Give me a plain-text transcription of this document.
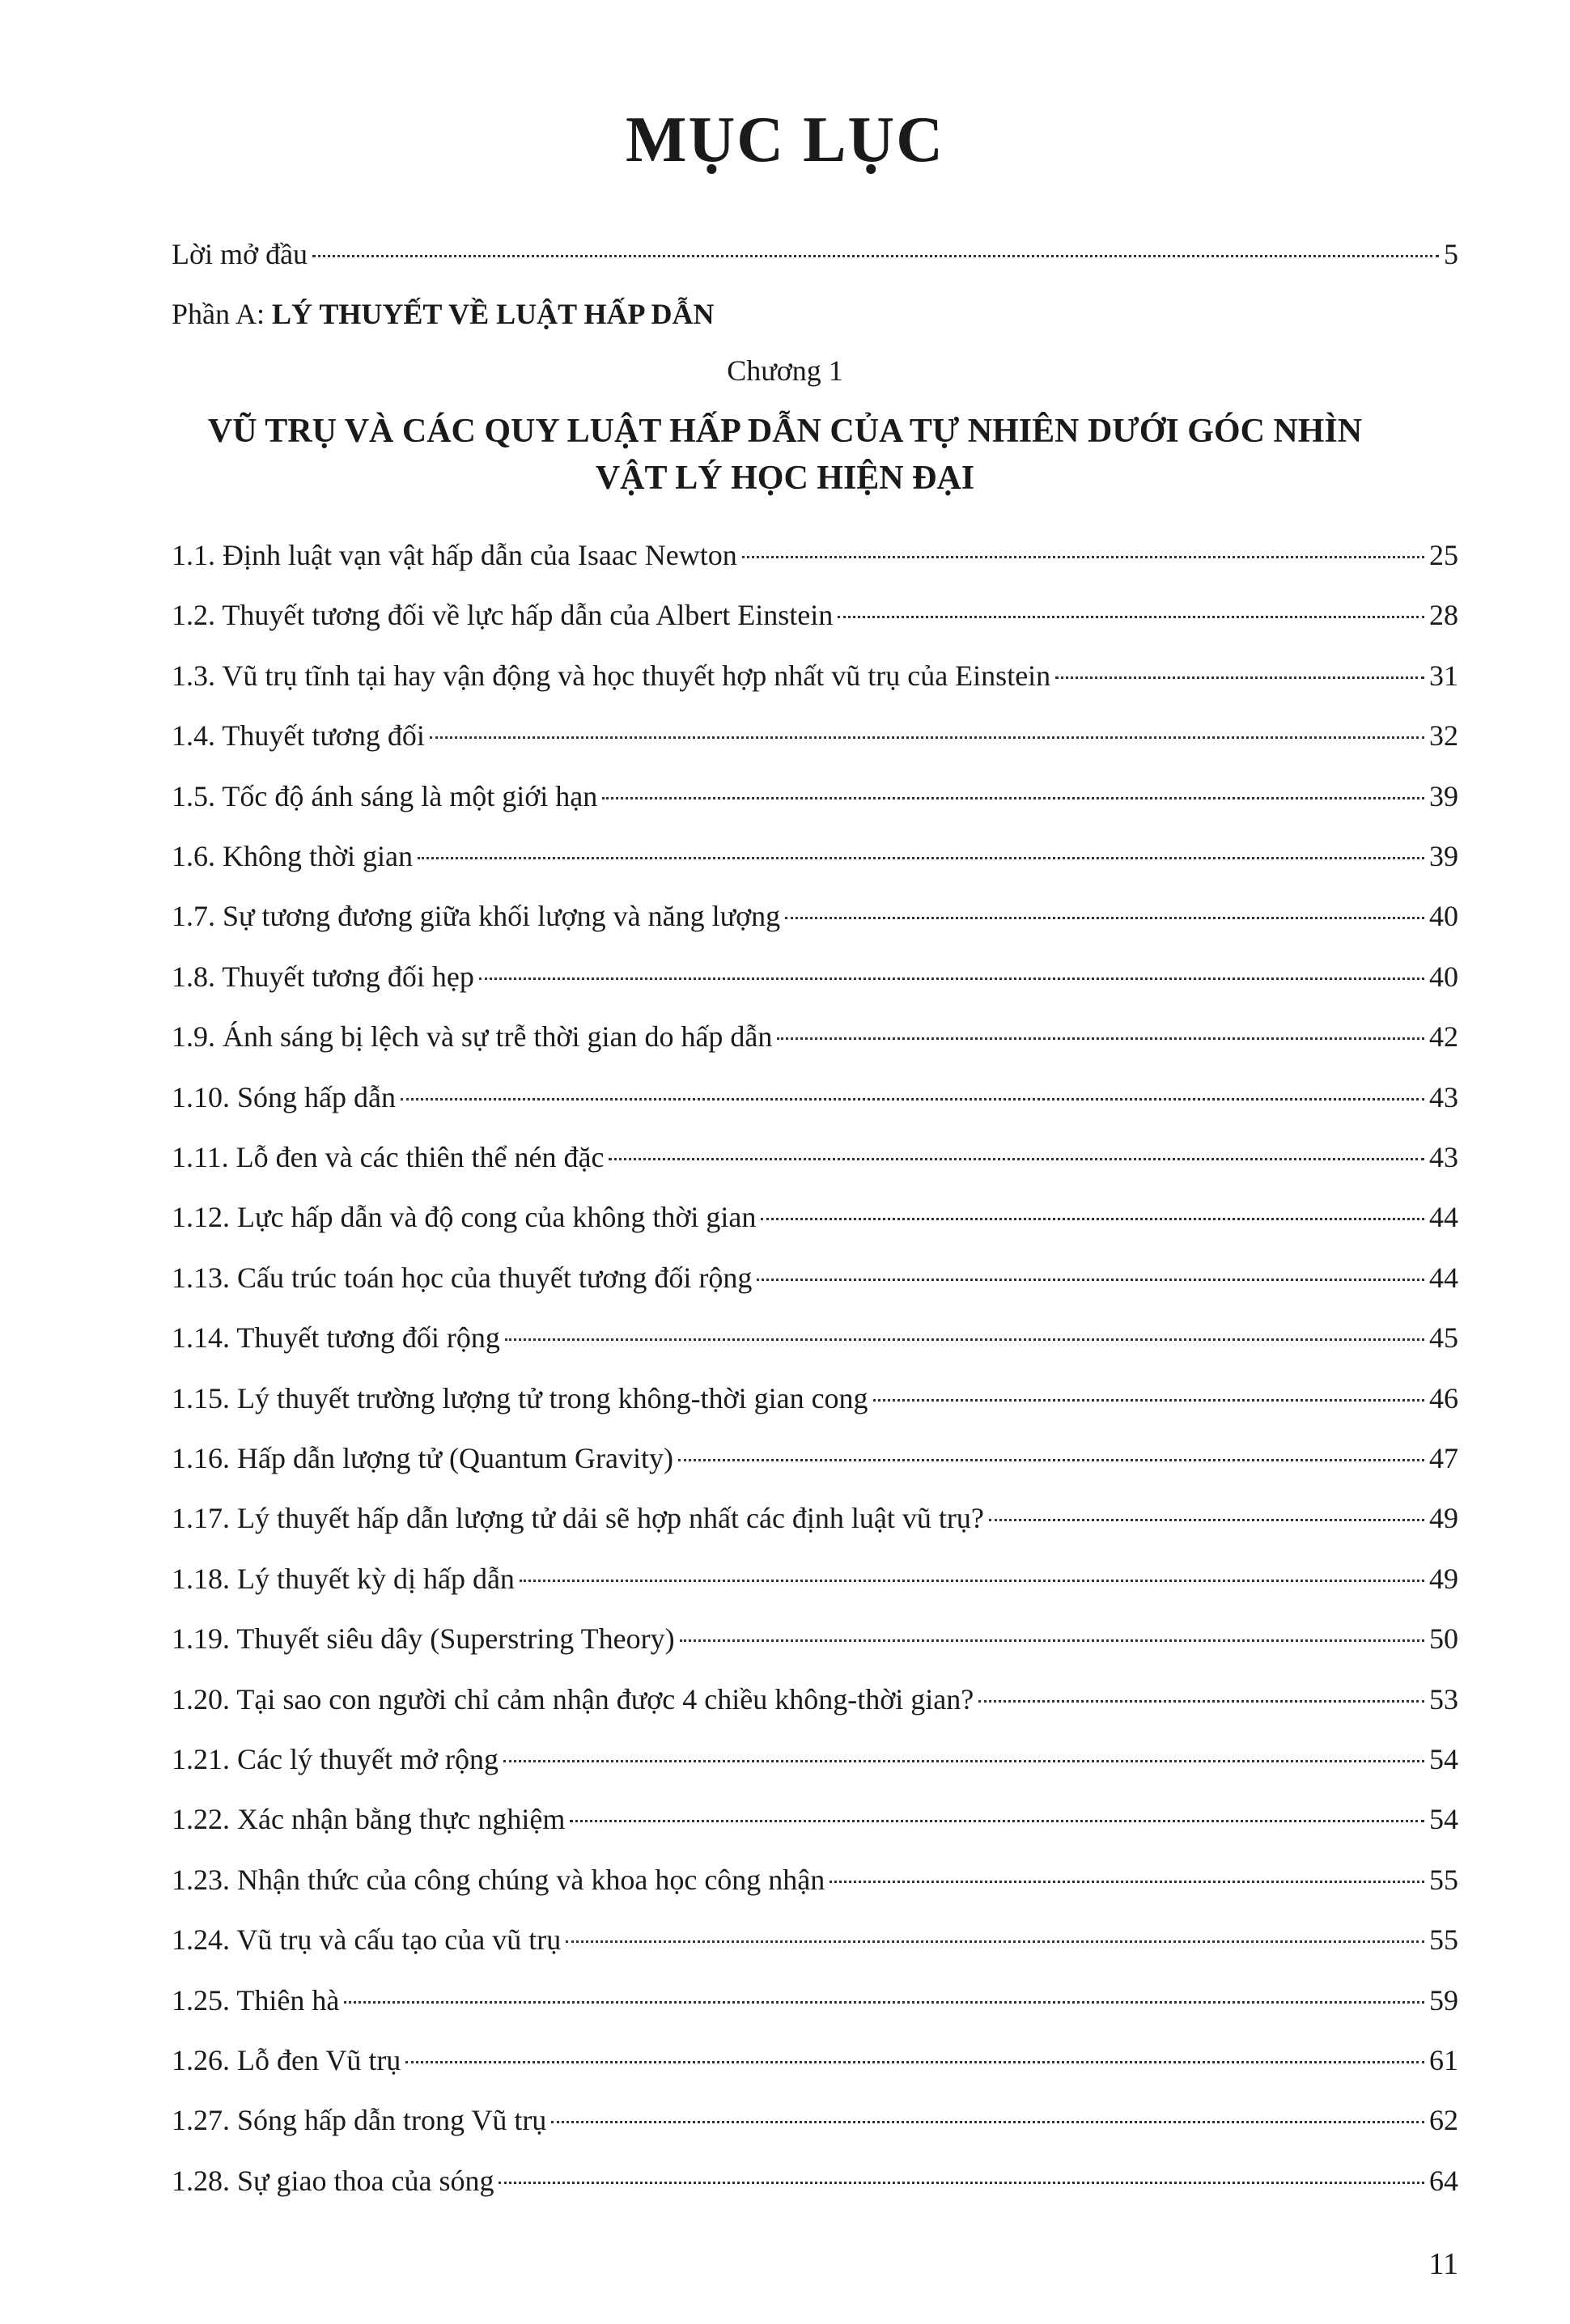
MỤC LỤC
Lời mở đầu	5
Phần A: LÝ THUYẾT VỀ LUẬT HẤP DẪN
Chương 1
VŨ TRỤ VÀ CÁC QUY LUẬT HẤP DẪN CỦA TỰ NHIÊN DƯỚI GÓC NHÌN
VẬT LÝ HỌC HIỆN ĐẠI
1.1. Định luật vạn vật hấp dẫn của Isaac Newton	25
1.2. Thuyết tương đối về lực hấp dẫn của Albert Einstein	28
1.3. Vũ trụ tĩnh tại hay vận động và học thuyết hợp nhất vũ trụ của Einstein	31
1.4. Thuyết tương đối	32
1.5. Tốc độ ánh sáng là một giới hạn	39
1.6. Không thời gian	39
1.7. Sự tương đương giữa khối lượng và năng lượng	40
1.8. Thuyết tương đối hẹp	40
1.9. Ánh sáng bị lệch và sự trễ thời gian do hấp dẫn	42
1.10. Sóng hấp dẫn	43
1.11. Lỗ đen và các thiên thể nén đặc	43
1.12. Lực hấp dẫn và độ cong của không thời gian	44
1.13. Cấu trúc toán học của thuyết tương đối rộng	44
1.14. Thuyết tương đối rộng	45
1.15. Lý thuyết trường lượng tử trong không-thời gian cong	46
1.16. Hấp dẫn lượng tử (Quantum Gravity)	47
1.17. Lý thuyết hấp dẫn lượng tử dải sẽ hợp nhất các định luật vũ trụ?	49
1.18. Lý thuyết kỳ dị hấp dẫn	49
1.19. Thuyết siêu dây (Superstring Theory)	50
1.20. Tại sao con người chỉ cảm nhận được 4 chiều không-thời gian?	53
1.21. Các lý thuyết mở rộng	54
1.22. Xác nhận bằng thực nghiệm	54
1.23. Nhận thức của công chúng và khoa học công nhận	55
1.24. Vũ trụ và cấu tạo của vũ trụ	55
1.25. Thiên hà	59
1.26. Lỗ đen Vũ trụ	61
1.27. Sóng hấp dẫn trong Vũ trụ	62
1.28. Sự giao thoa của sóng	64
11
